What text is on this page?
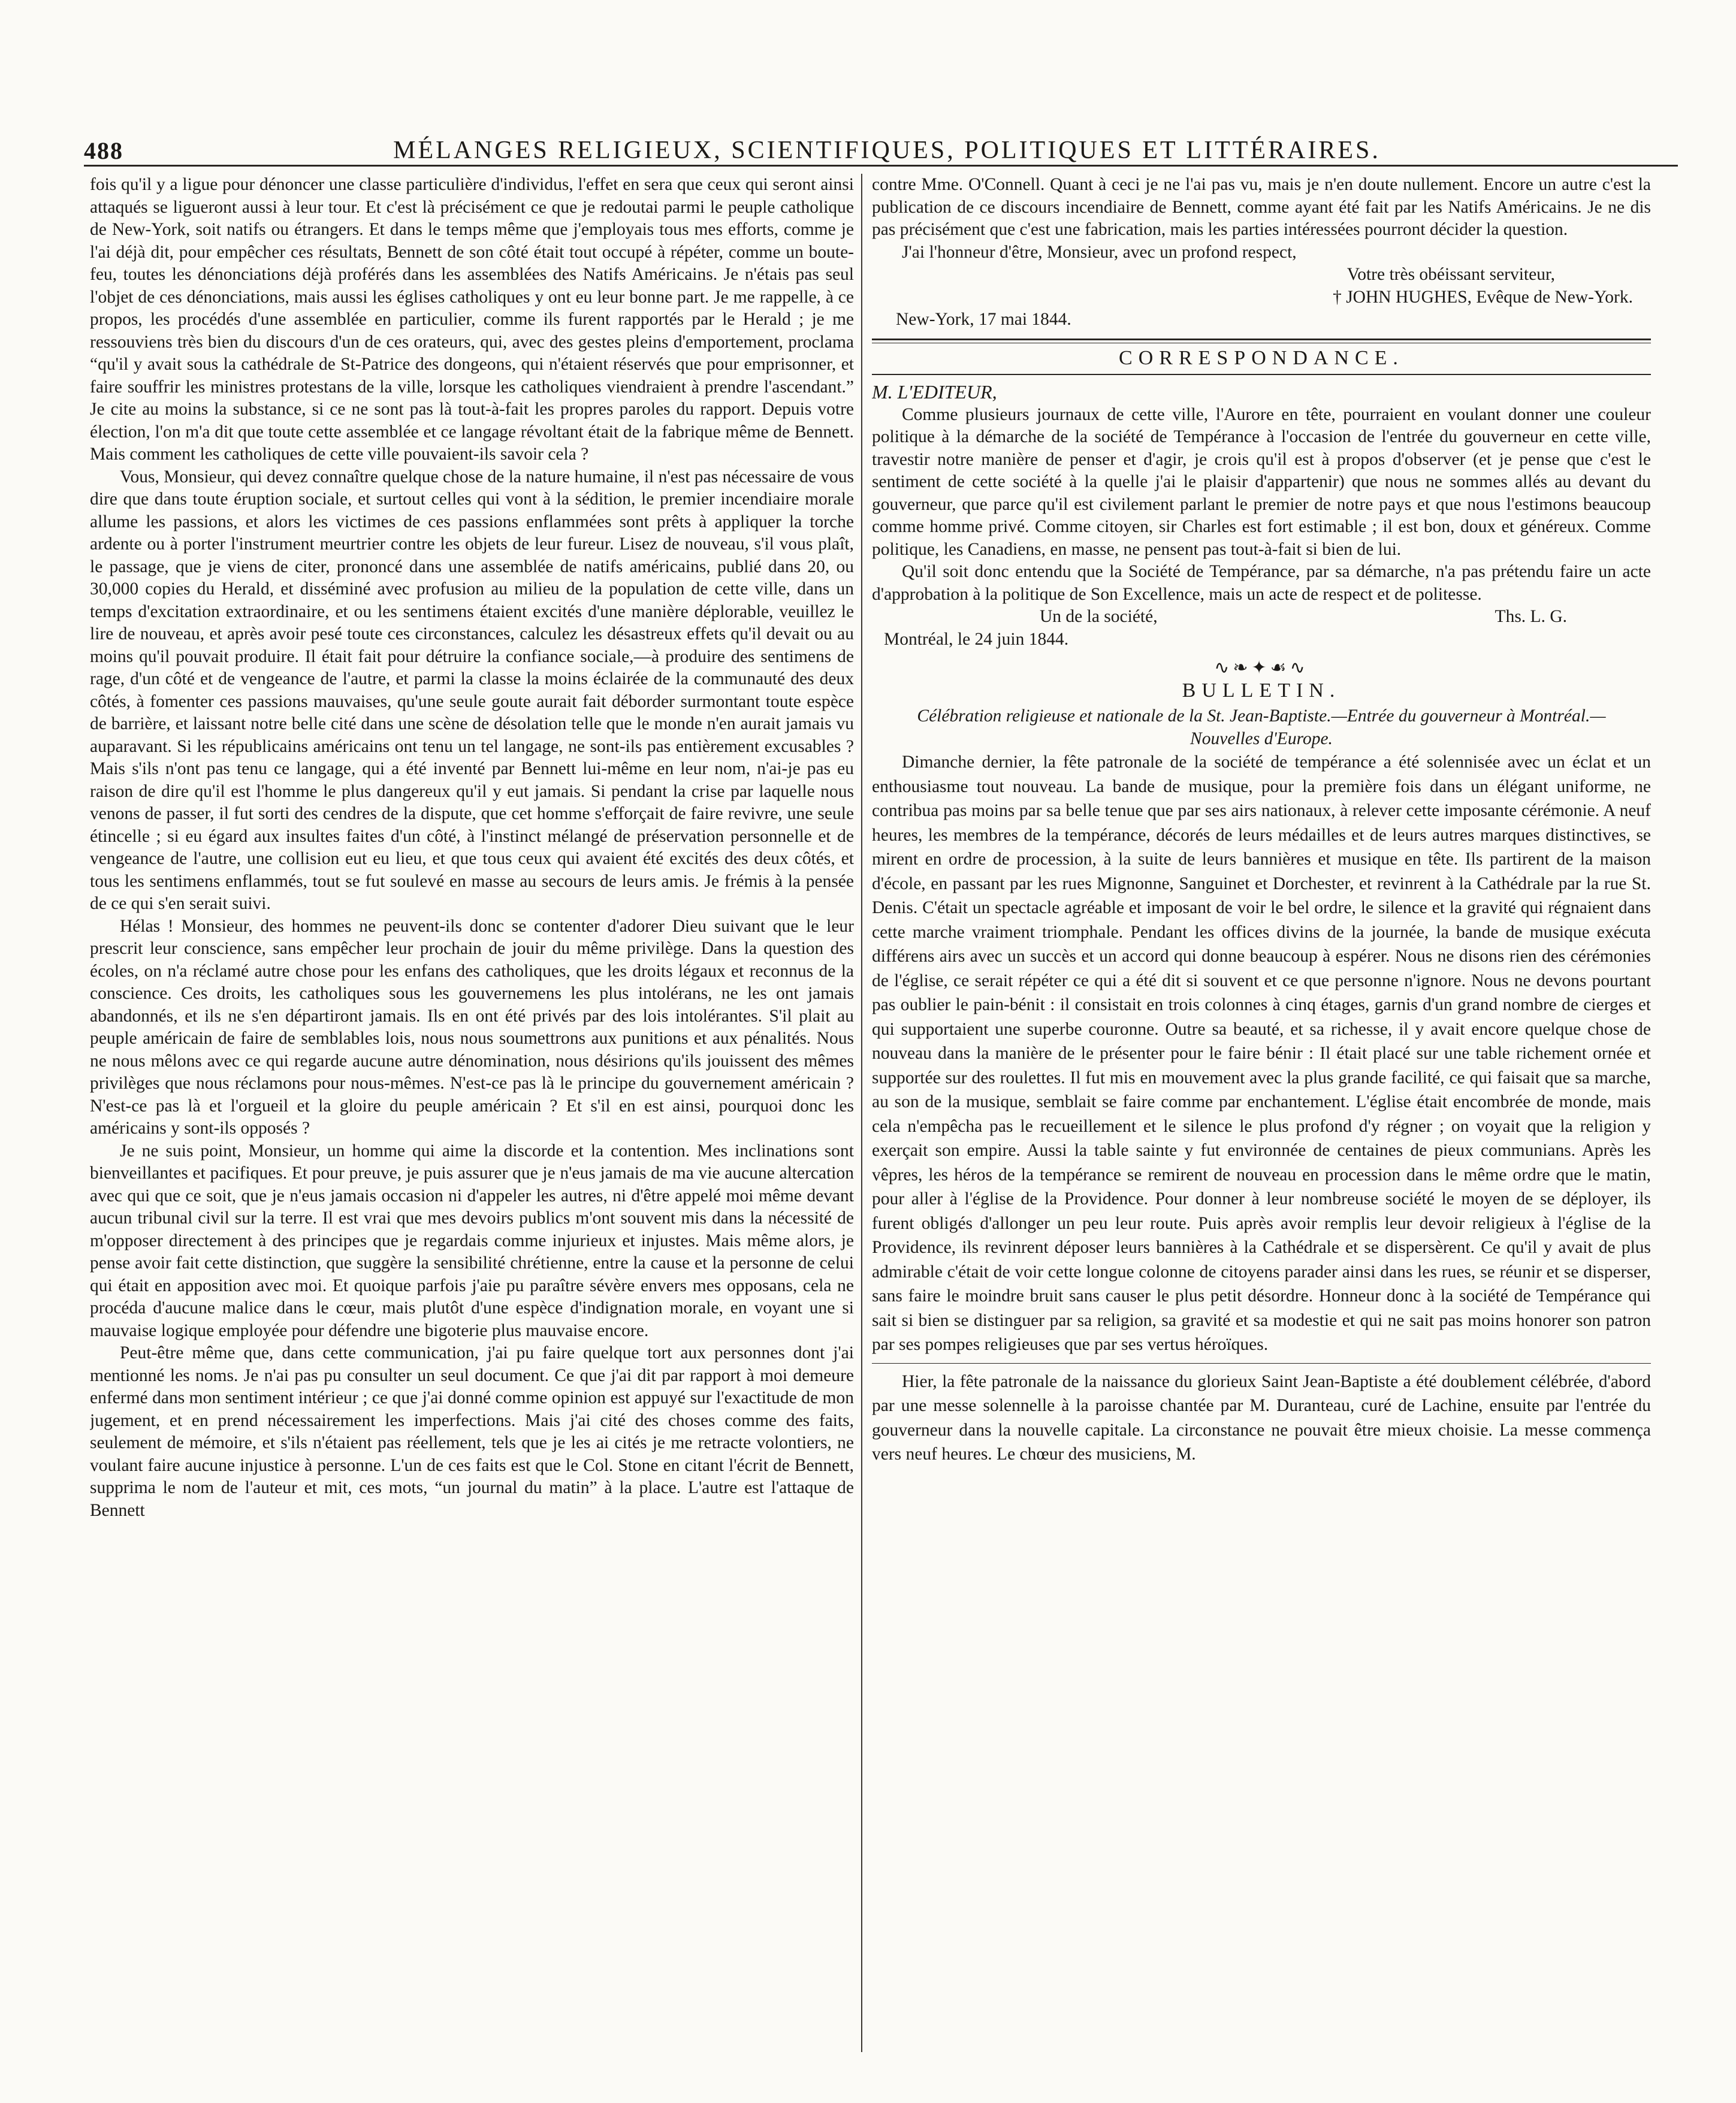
488	MÉLANGES RELIGIEUX, SCIENTIFIQUES, POLITIQUES ET LITTÉRAIRES.

fois qu'il y a ligue pour dénoncer une classe particulière d'individus, l'effet en sera que ceux qui seront ainsi attaqués se ligueront aussi à leur tour. Et c'est là précisément ce que je redoutai parmi le peuple catholique de New-York, soit natifs ou étrangers. Et dans le temps même que j'employais tous mes efforts, comme je l'ai déjà dit, pour empêcher ces résultats, Bennett de son côté était tout occupé à répéter, comme un boute-feu, toutes les dénonciations déjà proférés dans les assemblées des Natifs Américains. Je n'étais pas seul l'objet de ces dénonciations, mais aussi les églises catholiques y ont eu leur bonne part. Je me rappelle, à ce propos, les procédés d'une assemblée en particulier, comme ils furent rapportés par le Herald ; je me ressouviens très bien du discours d'un de ces orateurs, qui, avec des gestes pleins d'emportement, proclama “qu'il y avait sous la cathédrale de St-Patrice des dongeons, qui n'étaient réservés que pour emprisonner, et faire souffrir les ministres protestans de la ville, lorsque les catholiques viendraient à prendre l'ascendant.” Je cite au moins la substance, si ce ne sont pas là tout-à-fait les propres paroles du rapport. Depuis votre élection, l'on m'a dit que toute cette assemblée et ce langage révoltant était de la fabrique même de Bennett. Mais comment les catholiques de cette ville pouvaient-ils savoir cela ?

Vous, Monsieur, qui devez connaître quelque chose de la nature humaine, il n'est pas nécessaire de vous dire que dans toute éruption sociale, et surtout celles qui vont à la sédition, le premier incendiaire morale allume les passions, et alors les victimes de ces passions enflammées sont prêts à appliquer la torche ardente ou à porter l'instrument meurtrier contre les objets de leur fureur. Lisez de nouveau, s'il vous plaît, le passage, que je viens de citer, prononcé dans une assemblée de natifs américains, publié dans 20, ou 30,000 copies du Herald, et disséminé avec profusion au milieu de la population de cette ville, dans un temps d'excitation extraordinaire, et ou les sentimens étaient excités d'une manière déplorable, veuillez le lire de nouveau, et après avoir pesé toute ces circonstances, calculez les désastreux effets qu'il devait ou au moins qu'il pouvait produire. Il était fait pour détruire la confiance sociale,—à produire des sentimens de rage, d'un côté et de vengeance de l'autre, et parmi la classe la moins éclairée de la communauté des deux côtés, à fomenter ces passions mauvaises, qu'une seule goute aurait fait déborder surmontant toute espèce de barrière, et laissant notre belle cité dans une scène de désolation telle que le monde n'en aurait jamais vu auparavant. Si les républicains américains ont tenu un tel langage, ne sont-ils pas entièrement excusables ? Mais s'ils n'ont pas tenu ce langage, qui a été inventé par Bennett lui-même en leur nom, n'ai-je pas eu raison de dire qu'il est l'homme le plus dangereux qu'il y eut jamais. Si pendant la crise par laquelle nous venons de passer, il fut sorti des cendres de la dispute, que cet homme s'efforçait de faire revivre, une seule étincelle ; si eu égard aux insultes faites d'un côté, à l'instinct mélangé de préservation personnelle et de vengeance de l'autre, une collision eut eu lieu, et que tous ceux qui avaient été excités des deux côtés, et tous les sentimens enflammés, tout se fut soulevé en masse au secours de leurs amis. Je frémis à la pensée de ce qui s'en serait suivi.

Hélas ! Monsieur, des hommes ne peuvent-ils donc se contenter d'adorer Dieu suivant que le leur prescrit leur conscience, sans empêcher leur prochain de jouir du même privilège. Dans la question des écoles, on n'a réclamé autre chose pour les enfans des catholiques, que les droits légaux et reconnus de la conscience. Ces droits, les catholiques sous les gouvernemens les plus intolérans, ne les ont jamais abandonnés, et ils ne s'en départiront jamais. Ils en ont été privés par des lois intolérantes. S'il plait au peuple américain de faire de semblables lois, nous nous soumettrons aux punitions et aux pénalités. Nous ne nous mêlons avec ce qui regarde aucune autre dénomination, nous désirions qu'ils jouissent des mêmes privilèges que nous réclamons pour nous-mêmes. N'est-ce pas là le principe du gouvernement américain ? N'est-ce pas là et l'orgueil et la gloire du peuple américain ? Et s'il en est ainsi, pourquoi donc les américains y sont-ils opposés ?

Je ne suis point, Monsieur, un homme qui aime la discorde et la contention. Mes inclinations sont bienveillantes et pacifiques. Et pour preuve, je puis assurer que je n'eus jamais de ma vie aucune altercation avec qui que ce soit, que je n'eus jamais occasion ni d'appeler les autres, ni d'être appelé moi même devant aucun tribunal civil sur la terre. Il est vrai que mes devoirs publics m'ont souvent mis dans la nécessité de m'opposer directement à des principes que je regardais comme injurieux et injustes. Mais même alors, je pense avoir fait cette distinction, que suggère la sensibilité chrétienne, entre la cause et la personne de celui qui était en apposition avec moi. Et quoique parfois j'aie pu paraître sévère envers mes opposans, cela ne procéda d'aucune malice dans le cœur, mais plutôt d'une espèce d'indignation morale, en voyant une si mauvaise logique employée pour défendre une bigoterie plus mauvaise encore.

Peut-être même que, dans cette communication, j'ai pu faire quelque tort aux personnes dont j'ai mentionné les noms. Je n'ai pas pu consulter un seul document. Ce que j'ai dit par rapport à moi demeure enfermé dans mon sentiment intérieur ; ce que j'ai donné comme opinion est appuyé sur l'exactitude de mon jugement, et en prend nécessairement les imperfections. Mais j'ai cité des choses comme des faits, seulement de mémoire, et s'ils n'étaient pas réellement, tels que je les ai cités je me retracte volontiers, ne voulant faire aucune injustice à personne. L'un de ces faits est que le Col. Stone en citant l'écrit de Bennett, supprima le nom de l'auteur et mit, ces mots, “un journal du matin” à la place. L'autre est l'attaque de Bennett

contre Mme. O'Connell. Quant à ceci je ne l'ai pas vu, mais je n'en doute nullement. Encore un autre c'est la publication de ce discours incendiaire de Bennett, comme ayant été fait par les Natifs Américains. Je ne dis pas précisément que c'est une fabrication, mais les parties intéressées pourront décider la question.

J'ai l'honneur d'être, Monsieur, avec un profond respect,

Votre très obéissant serviteur,

† JOHN HUGHES, Evêque de New-York.

New-York, 17 mai 1844.

CORRESPONDANCE.

M. L'EDITEUR,

Comme plusieurs journaux de cette ville, l'Aurore en tête, pourraient en voulant donner une couleur politique à la démarche de la société de Tempérance à l'occasion de l'entrée du gouverneur en cette ville, travestir notre manière de penser et d'agir, je crois qu'il est à propos d'observer (et je pense que c'est le sentiment de cette société à la quelle j'ai le plaisir d'appartenir) que nous ne sommes allés au devant du gouverneur, que parce qu'il est civilement parlant le premier de notre pays et que nous l'estimons beaucoup comme homme privé. Comme citoyen, sir Charles est fort estimable ; il est bon, doux et généreux. Comme politique, les Canadiens, en masse, ne pensent pas tout-à-fait si bien de lui.

Qu'il soit donc entendu que la Société de Tempérance, par sa démarche, n'a pas prétendu faire un acte d'approbation à la politique de Son Excellence, mais un acte de respect et de politesse.

Un de la société,	Ths. L. G.

Montréal, le 24 juin 1844.

∿❧✦☙∿
BULLETIN.

Célébration religieuse et nationale de la St. Jean-Baptiste.—Entrée du gouverneur à Montréal.—Nouvelles d'Europe.

Dimanche dernier, la fête patronale de la société de tempérance a été solennisée avec un éclat et un enthousiasme tout nouveau. La bande de musique, pour la première fois dans un élégant uniforme, ne contribua pas moins par sa belle tenue que par ses airs nationaux, à relever cette imposante cérémonie. A neuf heures, les membres de la tempérance, décorés de leurs médailles et de leurs autres marques distinctives, se mirent en ordre de procession, à la suite de leurs bannières et musique en tête. Ils partirent de la maison d'école, en passant par les rues Mignonne, Sanguinet et Dorchester, et revinrent à la Cathédrale par la rue St. Denis. C'était un spectacle agréable et imposant de voir le bel ordre, le silence et la gravité qui régnaient dans cette marche vraiment triomphale. Pendant les offices divins de la journée, la bande de musique exécuta différens airs avec un succès et un accord qui donne beaucoup à espérer. Nous ne disons rien des cérémonies de l'église, ce serait répéter ce qui a été dit si souvent et ce que personne n'ignore. Nous ne devons pourtant pas oublier le pain-bénit : il consistait en trois colonnes à cinq étages, garnis d'un grand nombre de cierges et qui supportaient une superbe couronne. Outre sa beauté, et sa richesse, il y avait encore quelque chose de nouveau dans la manière de le présenter pour le faire bénir : Il était placé sur une table richement ornée et supportée sur des roulettes. Il fut mis en mouvement avec la plus grande facilité, ce qui faisait que sa marche, au son de la musique, semblait se faire comme par enchantement. L'église était encombrée de monde, mais cela n'empêcha pas le recueillement et le silence le plus profond d'y régner ; on voyait que la religion y exerçait son empire. Aussi la table sainte y fut environnée de centaines de pieux communians. Après les vêpres, les héros de la tempérance se remirent de nouveau en procession dans le même ordre que le matin, pour aller à l'église de la Providence. Pour donner à leur nombreuse société le moyen de se déployer, ils furent obligés d'allonger un peu leur route. Puis après avoir remplis leur devoir religieux à l'église de la Providence, ils revinrent déposer leurs bannières à la Cathédrale et se dispersèrent. Ce qu'il y avait de plus admirable c'était de voir cette longue colonne de citoyens parader ainsi dans les rues, se réunir et se disperser, sans faire le moindre bruit sans causer le plus petit désordre. Honneur donc à la société de Tempérance qui sait si bien se distinguer par sa religion, sa gravité et sa modestie et qui ne sait pas moins honorer son patron par ses pompes religieuses que par ses vertus héroïques.

Hier, la fête patronale de la naissance du glorieux Saint Jean-Baptiste a été doublement célébrée, d'abord par une messe solennelle à la paroisse chantée par M. Duranteau, curé de Lachine, ensuite par l'entrée du gouverneur dans la nouvelle capitale. La circonstance ne pouvait être mieux choisie. La messe commença vers neuf heures. Le chœur des musiciens, M.
